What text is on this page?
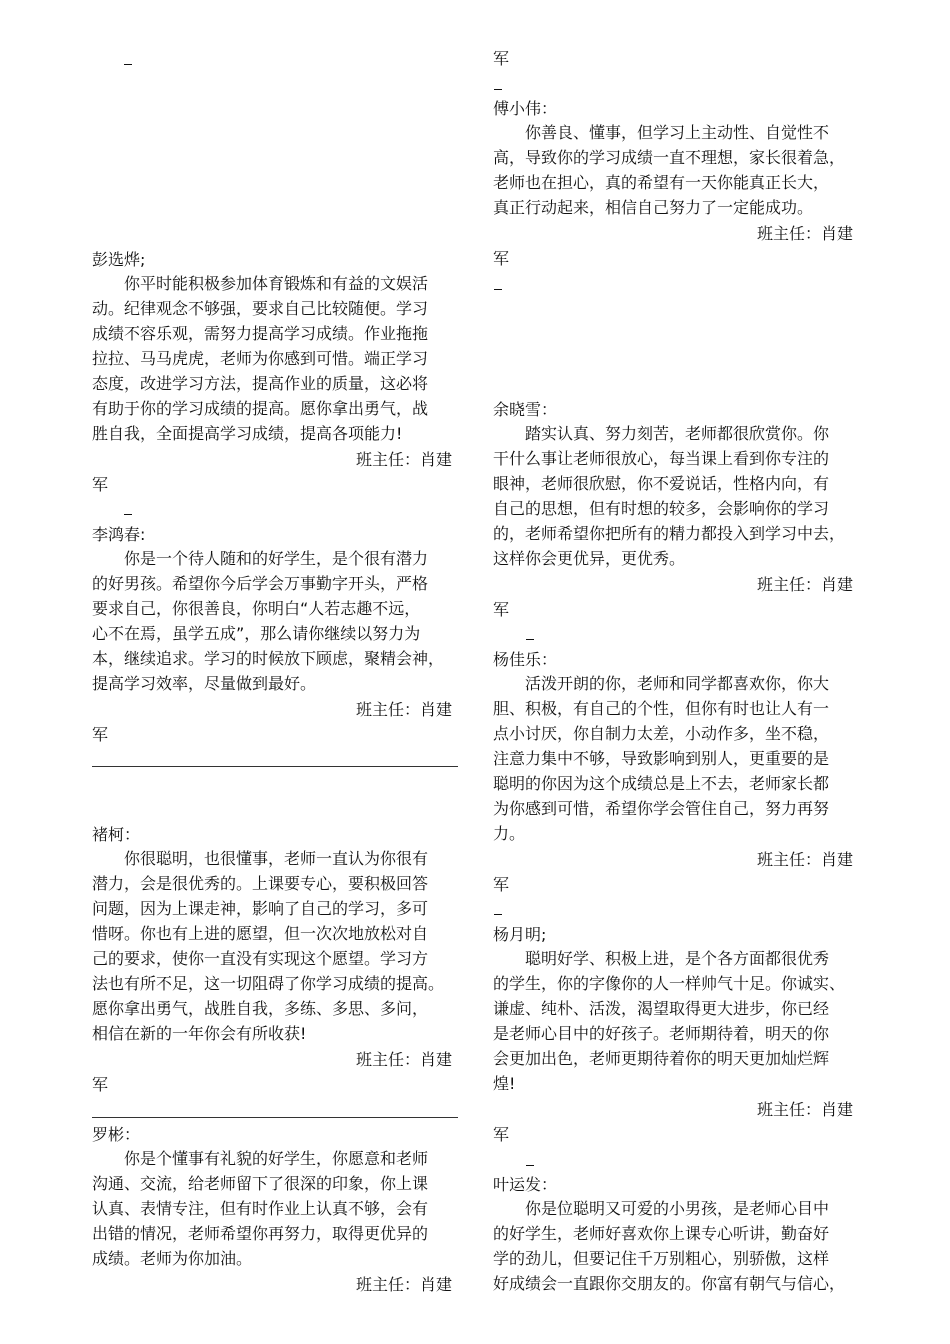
彭选烨;
你平时能积极参加体育锻炼和有益的文娱活
动。纪律观念不够强，要求自己比较随便。学习
成绩不容乐观，需努力提高学习成绩。作业拖拖
拉拉、马马虎虎，老师为你感到可惜。端正学习
态度，改进学习方法，提高作业的质量，这必将
有助于你的学习成绩的提高。愿你拿出勇气，战
胜自我，全面提高学习成绩，提高各项能力!
班主任：肖建
军
李鸿春:
你是一个待人随和的好学生，是个很有潜力
的好男孩。希望你今后学会万事勤字开头，严格
要求自己，你很善良，你明白“人若志趣不远，
心不在焉，虽学五成”，那么请你继续以努力为
本，继续追求。学习的时候放下顾虑，聚精会神，
提高学习效率，尽量做到最好。
班主任：肖建
军
褚柯：
你很聪明，也很懂事，老师一直认为你很有
潜力，会是很优秀的。上课要专心，要积极回答
问题，因为上课走神，影响了自己的学习，多可
惜呀。你也有上进的愿望，但一次次地放松对自
己的要求，使你一直没有实现这个愿望。学习方
法也有所不足，这一切阻碍了你学习成绩的提高。
愿你拿出勇气，战胜自我，多练、多思、多问，
相信在新的一年你会有所收获!
班主任：肖建
军
罗彬：
你是个懂事有礼貌的好学生，你愿意和老师
沟通、交流，给老师留下了很深的印象，你上课
认真、表情专注，但有时作业上认真不够，会有
出错的情况，老师希望你再努力，取得更优异的
成绩。老师为你加油。
班主任：肖建
军
傅小伟：
你善良、懂事，但学习上主动性、自觉性不
高，导致你的学习成绩一直不理想，家长很着急，
老师也在担心，真的希望有一天你能真正长大，
真正行动起来，相信自己努力了一定能成功。
班主任：肖建
军
余晓雪：
踏实认真、努力刻苦，老师都很欣赏你。你
干什么事让老师很放心，每当课上看到你专注的
眼神，老师很欣慰，你不爱说话，性格内向，有
自己的思想，但有时想的较多，会影响你的学习
的，老师希望你把所有的精力都投入到学习中去，
这样你会更优异，更优秀。
班主任：肖建
军
杨佳乐：
活泼开朗的你，老师和同学都喜欢你，你大
胆、积极，有自己的个性，但你有时也让人有一
点小讨厌，你自制力太差，小动作多，坐不稳，
注意力集中不够，导致影响到别人，更重要的是
聪明的你因为这个成绩总是上不去，老师家长都
为你感到可惜，希望你学会管住自己，努力再努
力。
班主任：肖建
军
杨月明;
聪明好学、积极上进，是个各方面都很优秀
的学生，你的字像你的人一样帅气十足。你诚实、
谦虚、纯朴、活泼，渴望取得更大进步，你已经
是老师心目中的好孩子。老师期待着，明天的你
会更加出色，老师更期待着你的明天更加灿烂辉
煌!
班主任：肖建
军
叶运发：
你是位聪明又可爱的小男孩，是老师心目中
的好学生，老师好喜欢你上课专心听讲，勤奋好
学的劲儿，但要记住千万别粗心，别骄傲，这样
好成绩会一直跟你交朋友的。你富有朝气与信心，
